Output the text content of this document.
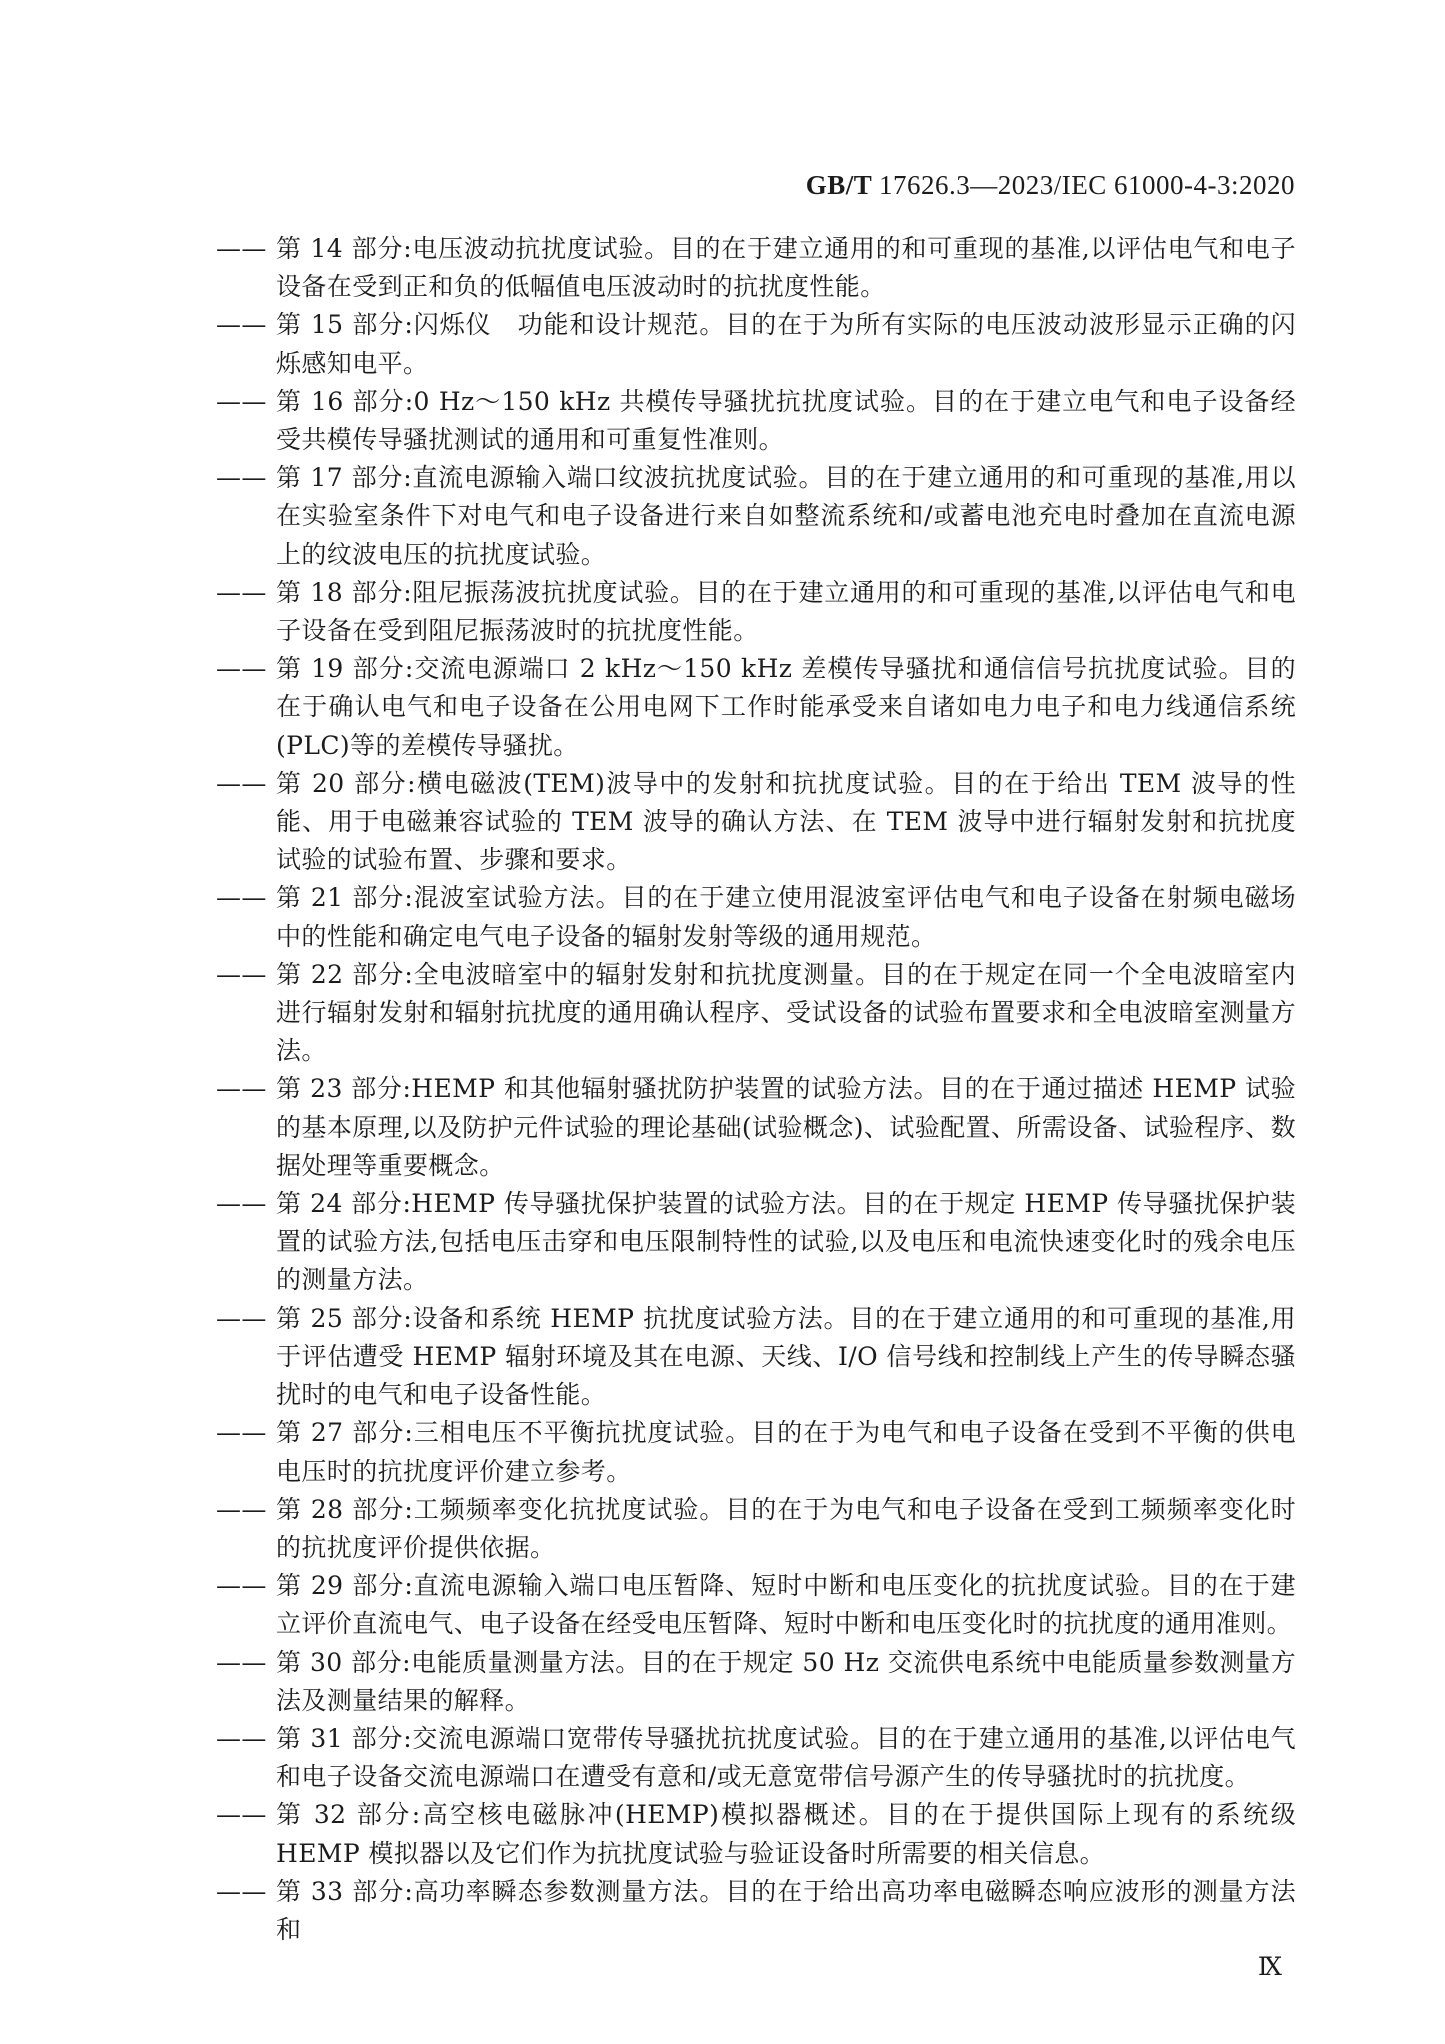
GB/T 17626.3—2023/IEC 61000-4-3:2020
—— 第 14 部分:电压波动抗扰度试验。目的在于建立通用的和可重现的基准,以评估电气和电子设备在受到正和负的低幅值电压波动时的抗扰度性能。
—— 第 15 部分:闪烁仪　功能和设计规范。目的在于为所有实际的电压波动波形显示正确的闪烁感知电平。
—— 第 16 部分:0 Hz～150 kHz 共模传导骚扰抗扰度试验。目的在于建立电气和电子设备经受共模传导骚扰测试的通用和可重复性准则。
—— 第 17 部分:直流电源输入端口纹波抗扰度试验。目的在于建立通用的和可重现的基准,用以在实验室条件下对电气和电子设备进行来自如整流系统和/或蓄电池充电时叠加在直流电源上的纹波电压的抗扰度试验。
—— 第 18 部分:阻尼振荡波抗扰度试验。目的在于建立通用的和可重现的基准,以评估电气和电子设备在受到阻尼振荡波时的抗扰度性能。
—— 第 19 部分:交流电源端口 2 kHz～150 kHz 差模传导骚扰和通信信号抗扰度试验。目的在于确认电气和电子设备在公用电网下工作时能承受来自诸如电力电子和电力线通信系统(PLC)等的差模传导骚扰。
—— 第 20 部分:横电磁波(TEM)波导中的发射和抗扰度试验。目的在于给出 TEM 波导的性能、用于电磁兼容试验的 TEM 波导的确认方法、在 TEM 波导中进行辐射发射和抗扰度试验的试验布置、步骤和要求。
—— 第 21 部分:混波室试验方法。目的在于建立使用混波室评估电气和电子设备在射频电磁场中的性能和确定电气电子设备的辐射发射等级的通用规范。
—— 第 22 部分:全电波暗室中的辐射发射和抗扰度测量。目的在于规定在同一个全电波暗室内进行辐射发射和辐射抗扰度的通用确认程序、受试设备的试验布置要求和全电波暗室测量方法。
—— 第 23 部分:HEMP 和其他辐射骚扰防护装置的试验方法。目的在于通过描述 HEMP 试验的基本原理,以及防护元件试验的理论基础(试验概念)、试验配置、所需设备、试验程序、数据处理等重要概念。
—— 第 24 部分:HEMP 传导骚扰保护装置的试验方法。目的在于规定 HEMP 传导骚扰保护装置的试验方法,包括电压击穿和电压限制特性的试验,以及电压和电流快速变化时的残余电压的测量方法。
—— 第 25 部分:设备和系统 HEMP 抗扰度试验方法。目的在于建立通用的和可重现的基准,用于评估遭受 HEMP 辐射环境及其在电源、天线、I/O 信号线和控制线上产生的传导瞬态骚扰时的电气和电子设备性能。
—— 第 27 部分:三相电压不平衡抗扰度试验。目的在于为电气和电子设备在受到不平衡的供电电压时的抗扰度评价建立参考。
—— 第 28 部分:工频频率变化抗扰度试验。目的在于为电气和电子设备在受到工频频率变化时的抗扰度评价提供依据。
—— 第 29 部分:直流电源输入端口电压暂降、短时中断和电压变化的抗扰度试验。目的在于建立评价直流电气、电子设备在经受电压暂降、短时中断和电压变化时的抗扰度的通用准则。
—— 第 30 部分:电能质量测量方法。目的在于规定 50 Hz 交流供电系统中电能质量参数测量方法及测量结果的解释。
—— 第 31 部分:交流电源端口宽带传导骚扰抗扰度试验。目的在于建立通用的基准,以评估电气和电子设备交流电源端口在遭受有意和/或无意宽带信号源产生的传导骚扰时的抗扰度。
—— 第 32 部分:高空核电磁脉冲(HEMP)模拟器概述。目的在于提供国际上现有的系统级 HEMP 模拟器以及它们作为抗扰度试验与验证设备时所需要的相关信息。
—— 第 33 部分:高功率瞬态参数测量方法。目的在于给出高功率电磁瞬态响应波形的测量方法和
Ⅸ
